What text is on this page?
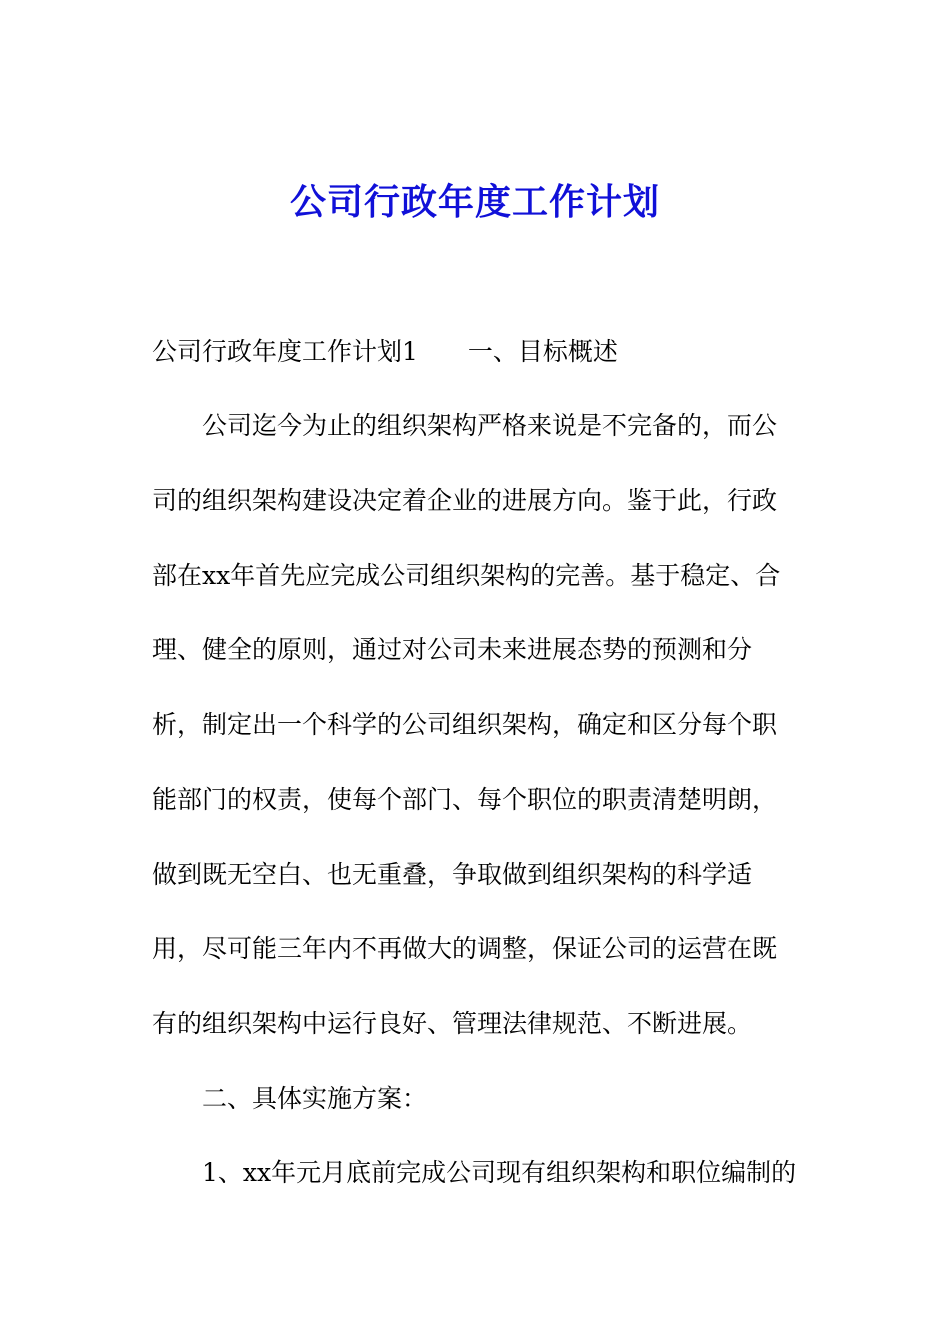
公司行政年度工作计划

公司行政年度工作计划1 一、目标概述

公司迄今为止的组织架构严格来说是不完备的，而公

司的组织架构建设决定着企业的进展方向。鉴于此，行政

部在xx年首先应完成公司组织架构的完善。基于稳定、合

理、健全的原则，通过对公司未来进展态势的预测和分

析，制定出一个科学的公司组织架构，确定和区分每个职

能部门的权责，使每个部门、每个职位的职责清楚明朗，

做到既无空白、也无重叠，争取做到组织架构的科学适

用，尽可能三年内不再做大的调整，保证公司的运营在既

有的组织架构中运行良好、管理法律规范、不断进展。

二、具体实施方案：

1、xx年元月底前完成公司现有组织架构和职位编制的
